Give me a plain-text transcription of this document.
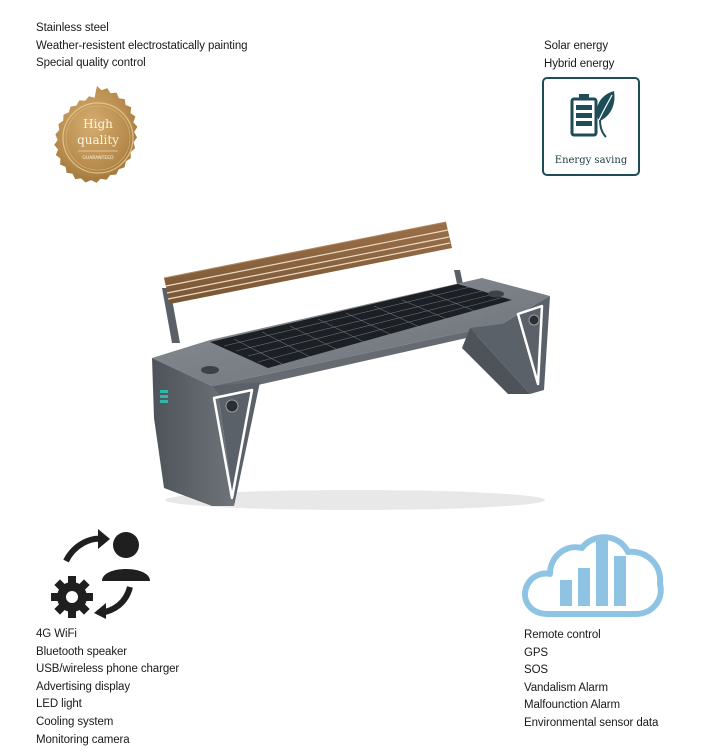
Stainless steel
Weather-resistent electrostatically painting
Special quality control
Solar energy
Hybrid energy
High
quality
GUARANTEED	Energy saving
4G WiFi
Bluetooth speaker
USB/wireless phone charger
Advertising display
LED light
Cooling system
Monitoring camera
Remote control
GPS
SOS
Vandalism Alarm
Malfounction Alarm
Environmental sensor data
